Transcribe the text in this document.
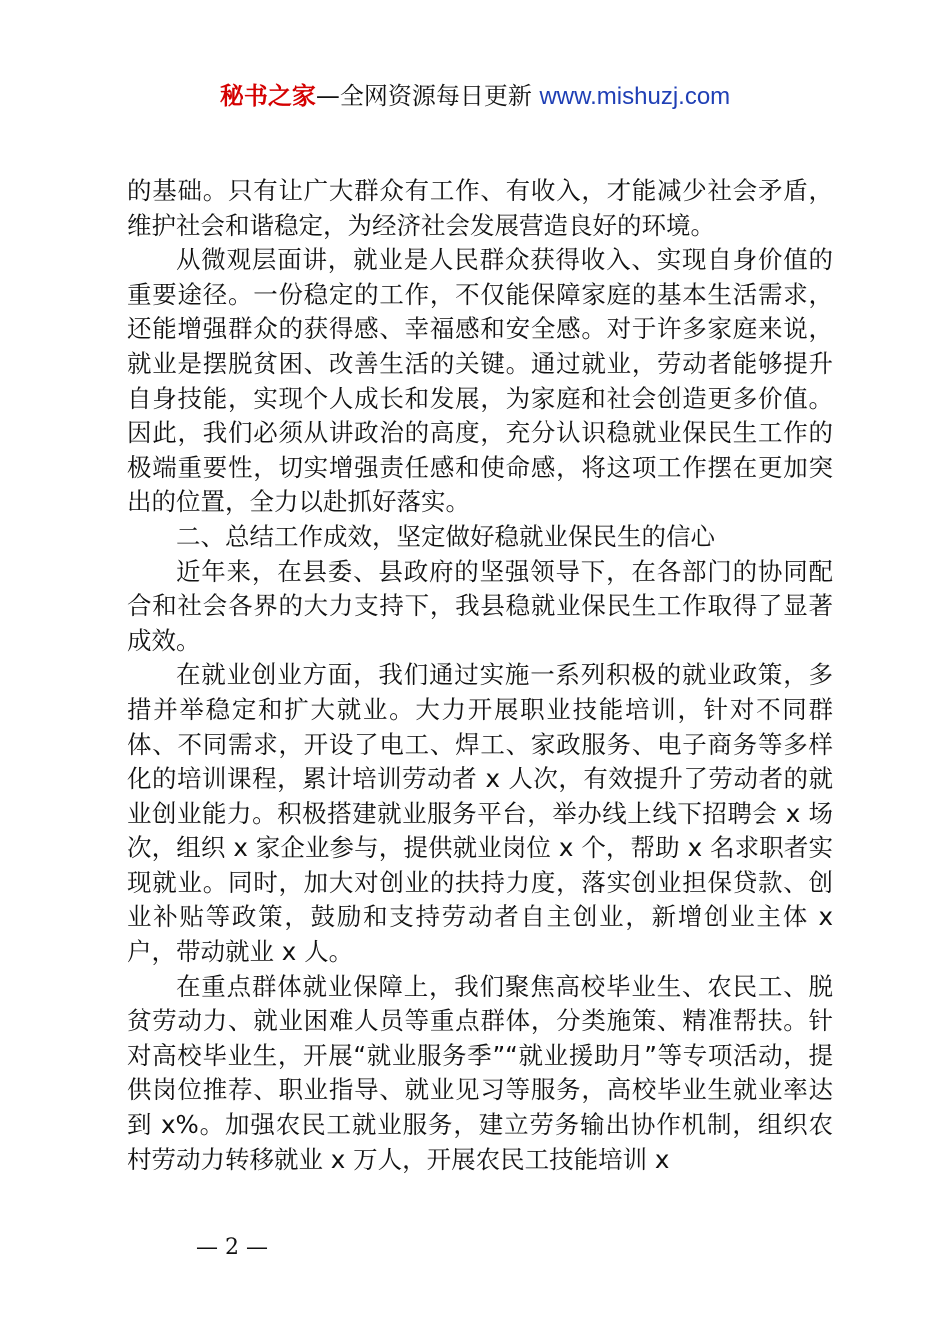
秘书之家—全网资源每日更新 www.mishuzj.com

的基础。只有让广大群众有工作、有收入，才能减少社会矛盾，维护社会和谐稳定，为经济社会发展营造良好的环境。

从微观层面讲，就业是人民群众获得收入、实现自身价值的重要途径。一份稳定的工作，不仅能保障家庭的基本生活需求，还能增强群众的获得感、幸福感和安全感。对于许多家庭来说，就业是摆脱贫困、改善生活的关键。通过就业，劳动者能够提升自身技能，实现个人成长和发展，为家庭和社会创造更多价值。因此，我们必须从讲政治的高度，充分认识稳就业保民生工作的极端重要性，切实增强责任感和使命感，将这项工作摆在更加突出的位置，全力以赴抓好落实。

二、总结工作成效，坚定做好稳就业保民生的信心

近年来，在县委、县政府的坚强领导下，在各部门的协同配合和社会各界的大力支持下，我县稳就业保民生工作取得了显著成效。

在就业创业方面，我们通过实施一系列积极的就业政策，多措并举稳定和扩大就业。大力开展职业技能培训，针对不同群体、不同需求，开设了电工、焊工、家政服务、电子商务等多样化的培训课程，累计培训劳动者 x 人次，有效提升了劳动者的就业创业能力。积极搭建就业服务平台，举办线上线下招聘会 x 场次，组织 x 家企业参与，提供就业岗位 x 个，帮助 x 名求职者实现就业。同时，加大对创业的扶持力度，落实创业担保贷款、创业补贴等政策，鼓励和支持劳动者自主创业，新增创业主体 x 户，带动就业 x 人。

在重点群体就业保障上，我们聚焦高校毕业生、农民工、脱贫劳动力、就业困难人员等重点群体，分类施策、精准帮扶。针对高校毕业生，开展“就业服务季”“就业援助月”等专项活动，提供岗位推荐、职业指导、就业见习等服务，高校毕业生就业率达到 x%。加强农民工就业服务，建立劳务输出协作机制，组织农村劳动力转移就业 x 万人，开展农民工技能培训 x

— 2 —
